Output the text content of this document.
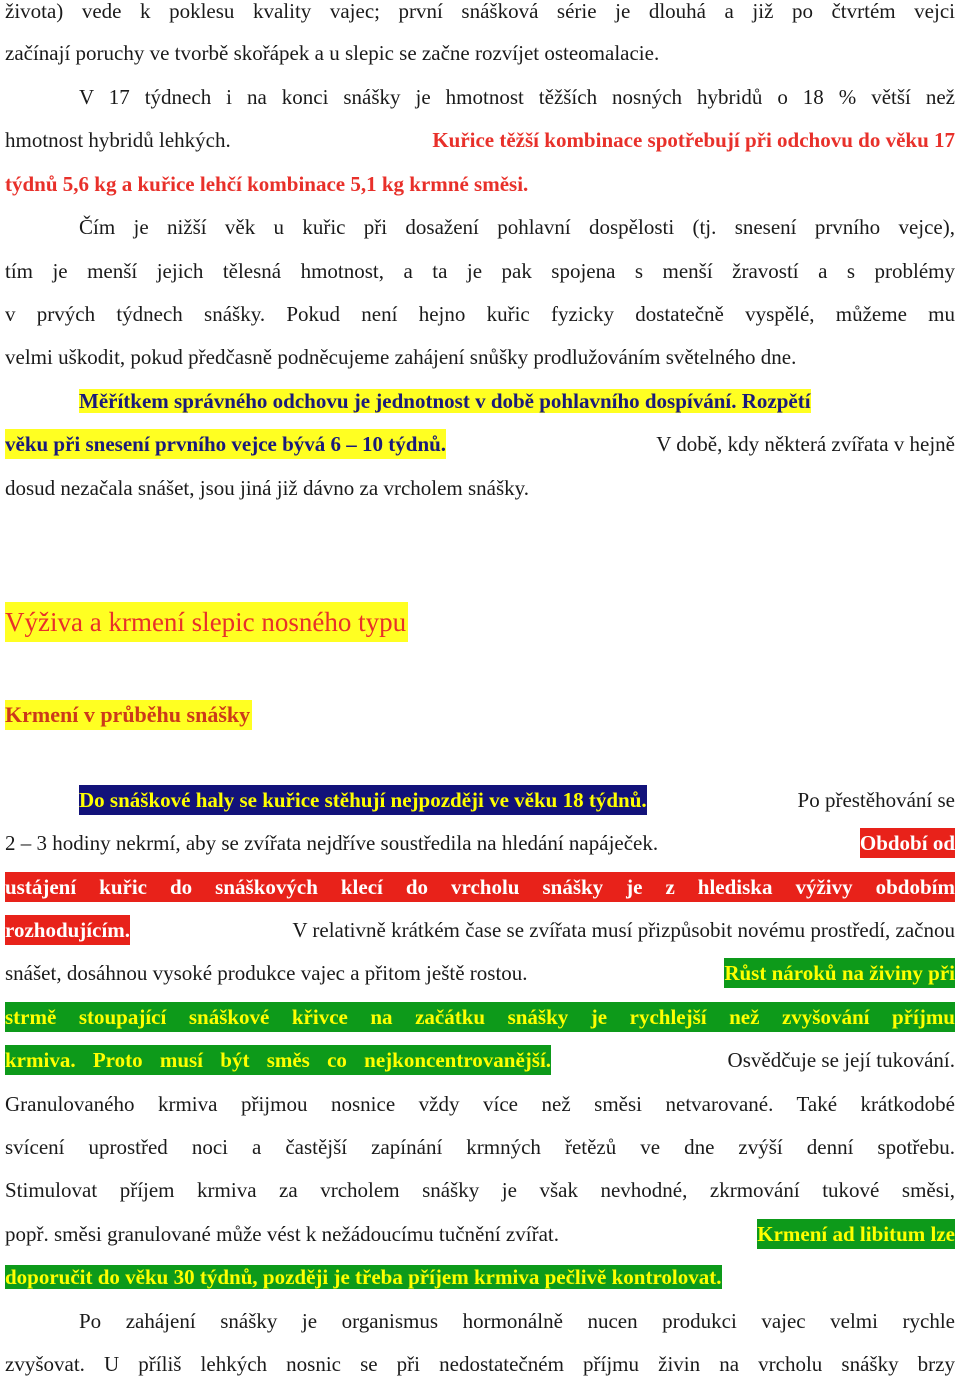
života) vede k poklesu kvality vajec; první snášková série je dlouhá a již po čtvrtém vejci
začínají poruchy ve tvorbě skořápek a u slepic se začne rozvíjet osteomalacie.
V 17 týdnech i na konci snášky je hmotnost těžších nosných hybridů o 18 % větší než
hmotnost hybridů lehkých.	Kuřice těžší kombinace spotřebují při odchovu do věku 17
týdnů 5,6 kg a kuřice lehčí kombinace 5,1 kg krmné směsi.
Čím je nižší věk u kuřic při dosažení pohlavní dospělosti (tj. snesení prvního vejce),
tím je menší jejich tělesná hmotnost, a ta je pak spojena s menší žravostí a s problémy
v prvých týdnech snášky. Pokud není hejno kuřic fyzicky dostatečně vyspělé, můžeme mu
velmi uškodit, pokud předčasně podněcujeme zahájení snůšky prodlužováním světelného dne.
Měřítkem správného odchovu je jednotnost v době pohlavního dospívání. Rozpětí
věku při snesení prvního vejce bývá 6 – 10 týdnů.	V době, kdy některá zvířata v hejně
dosud nezačala snášet, jsou jiná již dávno za vrcholem snášky.
Výživa a krmení slepic nosného typu
Krmení v průběhu snášky
Do snáškové haly se kuřice stěhují nejpozději ve věku 18 týdnů.	Po přestěhování se
2 – 3 hodiny nekrmí, aby se zvířata nejdříve soustředila na hledání napáječek.	Období od
ustájení kuřic do snáškových klecí do vrcholu snášky je z hlediska výživy obdobím
rozhodujícím.	V relativně krátkém čase se zvířata musí přizpůsobit novému prostředí, začnou
snášet, dosáhnou vysoké produkce vajec a přitom ještě rostou.	Růst nároků na živiny při
strmě stoupající snáškové křivce na začátku snášky je rychlejší než zvyšování příjmu
krmiva. Proto musí být směs co nejkoncentrovanější.	Osvědčuje se její tukování.
Granulovaného krmiva přijmou nosnice vždy více než směsi netvarované. Také krátkodobé
svícení uprostřed noci a častější zapínání krmných řetězů ve dne zvýší denní spotřebu.
Stimulovat příjem krmiva za vrcholem snášky je však nevhodné, zkrmování tukové směsi,
popř. směsi granulované může vést k nežádoucímu tučnění zvířat.	Krmení ad libitum lze
doporučit do věku 30 týdnů, později je třeba příjem krmiva pečlivě kontrolovat.
Po zahájení snášky je organismus hormonálně nucen produkci vajec velmi rychle
zvyšovat. U příliš lehkých nosnic se při nedostatečném příjmu živin na vrcholu snášky brzy
